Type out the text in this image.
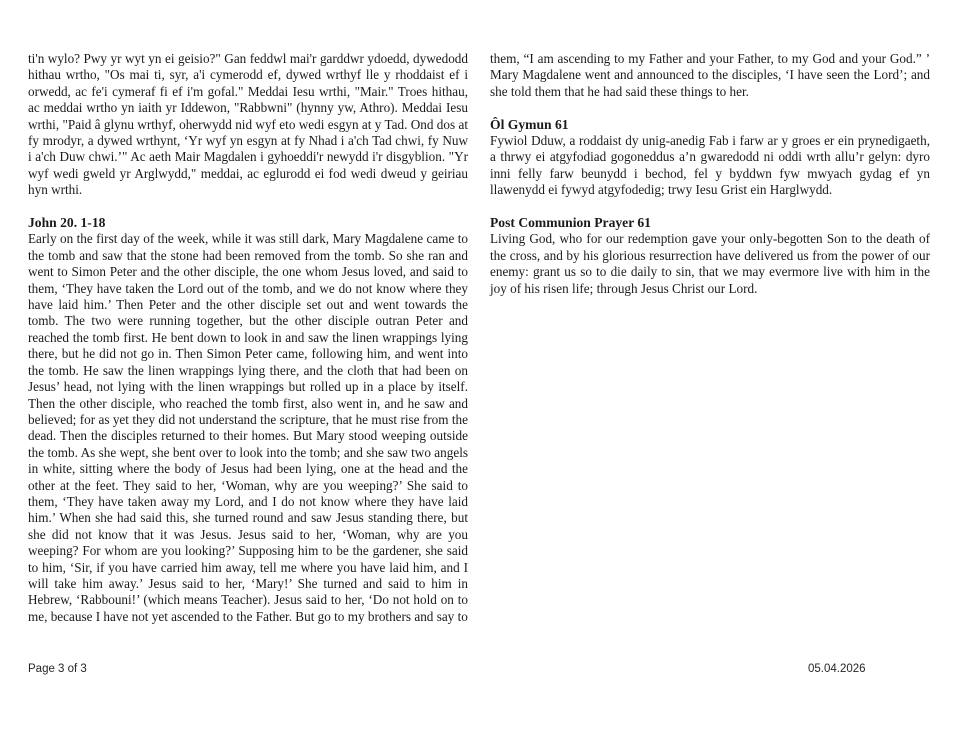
ti'n wylo? Pwy yr wyt yn ei geisio?" Gan feddwl mai'r garddwr ydoedd, dywedodd hithau wrtho, "Os mai ti, syr, a'i cymerodd ef, dywed wrthyf lle y rhoddaist ef i orwedd, ac fe'i cymeraf fi ef i'm gofal." Meddai Iesu wrthi, "Mair." Troes hithau, ac meddai wrtho yn iaith yr Iddewon, "Rabbwni" (hynny yw, Athro). Meddai Iesu wrthi, "Paid â glynu wrthyf, oherwydd nid wyf eto wedi esgyn at y Tad. Ond dos at fy mrodyr, a dywed wrthynt, ‘Yr wyf yn esgyn at fy Nhad i a'ch Tad chwi, fy Nuw i a'ch Duw chwi.’" Ac aeth Mair Magdalen i gyhoeddi'r newydd i'r disgyblion. "Yr wyf wedi gweld yr Arglwydd," meddai, ac eglurodd ei fod wedi dweud y geiriau hyn wrthi.

John 20. 1-18

Early on the first day of the week, while it was still dark, Mary Magdalene came to the tomb and saw that the stone had been removed from the tomb. So she ran and went to Simon Peter and the other disciple, the one whom Jesus loved, and said to them, ‘They have taken the Lord out of the tomb, and we do not know where they have laid him.’ Then Peter and the other disciple set out and went towards the tomb. The two were running together, but the other disciple outran Peter and reached the tomb first. He bent down to look in and saw the linen wrappings lying there, but he did not go in. Then Simon Peter came, following him, and went into the tomb. He saw the linen wrappings lying there, and the cloth that had been on Jesus’ head, not lying with the linen wrappings but rolled up in a place by itself. Then the other disciple, who reached the tomb first, also went in, and he saw and believed; for as yet they did not understand the scripture, that he must rise from the dead. Then the disciples returned to their homes. But Mary stood weeping outside the tomb. As she wept, she bent over to look into the tomb; and she saw two angels in white, sitting where the body of Jesus had been lying, one at the head and the other at the feet. They said to her, ‘Woman, why are you weeping?’ She said to them, ‘They have taken away my Lord, and I do not know where they have laid him.’ When she had said this, she turned round and saw Jesus standing there, but she did not know that it was Jesus. Jesus said to her, ‘Woman, why are you weeping? For whom are you looking?’ Supposing him to be the gardener, she said to him, ‘Sir, if you have carried him away, tell me where you have laid him, and I will take him away.’ Jesus said to her, ‘Mary!’ She turned and said to him in Hebrew, ‘Rabbouni!’ (which means Teacher). Jesus said to her, ‘Do not hold on to me, because I have not yet ascended to the Father. But go to my brothers and say to

them, “I am ascending to my Father and your Father, to my God and your God.” ’ Mary Magdalene went and announced to the disciples, ‘I have seen the Lord’; and she told them that he had said these things to her.

Ôl Gymun 61

Fywiol Dduw, a roddaist dy unig-anedig Fab i farw ar y groes er ein prynedigaeth, a thrwy ei atgyfodiad gogoneddus a’n gwaredodd ni oddi wrth allu’r gelyn: dyro inni felly farw beunydd i bechod, fel y byddwn fyw mwyach gydag ef yn llawenydd ei fywyd atgyfodedig; trwy Iesu Grist ein Harglwydd.

Post Communion Prayer 61

Living God, who for our redemption gave your only-begotten Son to the death of the cross, and by his glorious resurrection have delivered us from the power of our enemy: grant us so to die daily to sin, that we may evermore live with him in the joy of his risen life; through Jesus Christ our Lord.

Page 3 of 3	05.04.2026
